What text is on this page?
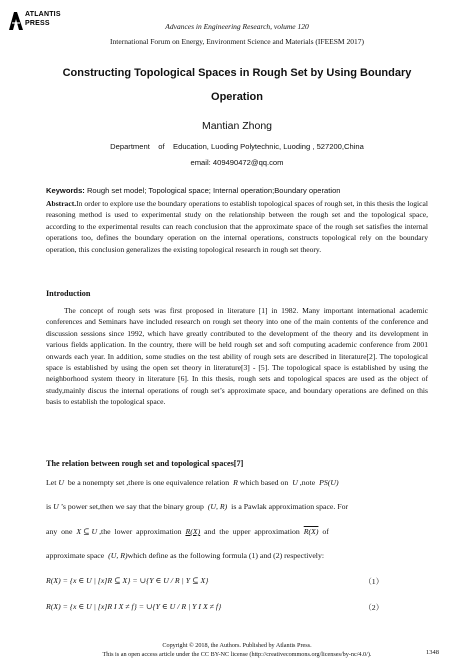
ATLANTIS
PRESS	Advances in Engineering Research, volume 120
International Forum on Energy, Environment Science and Materials (IFEESM 2017)
Constructing Topological Spaces in Rough Set by Using Boundary Operation
Mantian Zhong
Department    of    Education, Luoding Polytechnic, Luoding , 527200,China
email: 409490472@qq.com
Keywords: Rough set model; Topological space; Internal operation;Boundary operation
Abstract.In order to explore use the boundary operations to establish topological spaces of rough set, in this thesis the logical reasoning method is used to experimental study on the relationship between the rough set and the topological space, according to the experimental results can reach conclusion that the approximate space of the rough set satisfies the internal operations too, defines the boundary operation on the internal operations, constructs topological rely on the boundary operation, this conclusion generalizes the existing topological research in rough set theory.
Introduction
The concept of rough sets was first proposed in literature [1] in 1982. Many important international academic conferences and Seminars have included research on rough set theory into one of the main contents of the conference and discussion sessions since 1992, which have greatly contributed to the development of the theory and its development in various fields application. In the country, there will be held rough set and soft computing academic conference from 2001 onwards each year. In addition, some studies on the test ability of rough sets are described in literature[2]. The topological space is established by using the open set theory in literature[3] - [5]. The topological space is established by using the neighborhood system theory in literature [6]. In this thesis, rough sets and topological spaces are used as the object of study,mainly discus the internal operations of rough set’s approximate space, and boundary operations are defined on this basis to establish the topological space.
The relation between rough set and topological spaces[7]
Let U  be a nonempty set ,there is one equivalence relation  R which based on  U ,note  PS(U)
is U ’s power set,then we say that the binary group  (U, R)  is a Pawlak approximation space. For
any  one  X ⊆ U ,the  lower  approximation  R(X)  and  the  upper  approximation  R(X)  of
approximate space  (U, R)which define as the following formula (1) and (2) respectively:
R(X) = {x ∈ U | [x]R ⊆ X} = ∪{Y ∈ U / R | Y ⊆ X}	（1）
R(X) = {x ∈ U | [x]R I X ≠ f} = ∪{Y ∈ U / R | Y I X ≠ f}	（2）
Copyright © 2018, the Authors. Published by Atlantis Press.
This is an open access article under the CC BY-NC license (http://creativecommons.org/licenses/by-nc/4.0/).	1348
